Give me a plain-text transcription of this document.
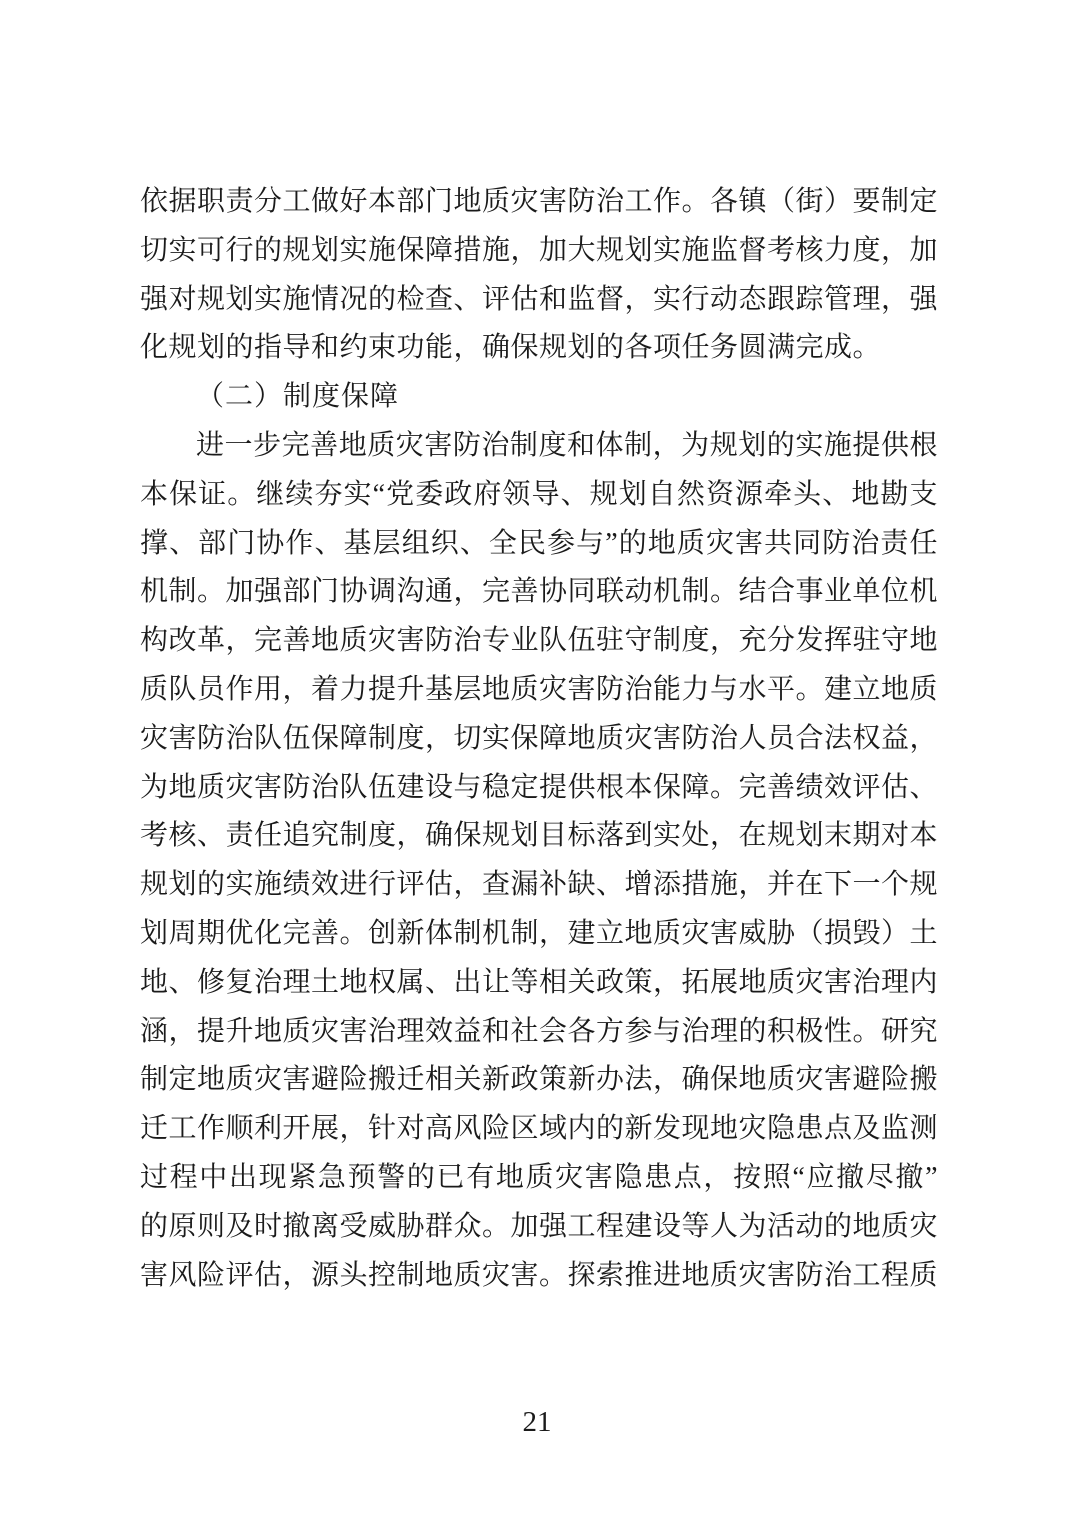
依据职责分工做好本部门地质灾害防治工作。各镇（街）要制定
切实可行的规划实施保障措施，加大规划实施监督考核力度，加
强对规划实施情况的检查、评估和监督，实行动态跟踪管理，强
化规划的指导和约束功能，确保规划的各项任务圆满完成。
（二）制度保障
进一步完善地质灾害防治制度和体制，为规划的实施提供根
本保证。继续夯实“党委政府领导、规划自然资源牵头、地勘支
撑、部门协作、基层组织、全民参与”的地质灾害共同防治责任
机制。加强部门协调沟通，完善协同联动机制。结合事业单位机
构改革，完善地质灾害防治专业队伍驻守制度，充分发挥驻守地
质队员作用，着力提升基层地质灾害防治能力与水平。建立地质
灾害防治队伍保障制度，切实保障地质灾害防治人员合法权益，
为地质灾害防治队伍建设与稳定提供根本保障。完善绩效评估、
考核、责任追究制度，确保规划目标落到实处，在规划末期对本
规划的实施绩效进行评估，查漏补缺、增添措施，并在下一个规
划周期优化完善。创新体制机制，建立地质灾害威胁（损毁）土
地、修复治理土地权属、出让等相关政策，拓展地质灾害治理内
涵，提升地质灾害治理效益和社会各方参与治理的积极性。研究
制定地质灾害避险搬迁相关新政策新办法，确保地质灾害避险搬
迁工作顺利开展，针对高风险区域内的新发现地灾隐患点及监测
过程中出现紧急预警的已有地质灾害隐患点，按照“应撤尽撤”
的原则及时撤离受威胁群众。加强工程建设等人为活动的地质灾
害风险评估，源头控制地质灾害。探索推进地质灾害防治工程质
21
